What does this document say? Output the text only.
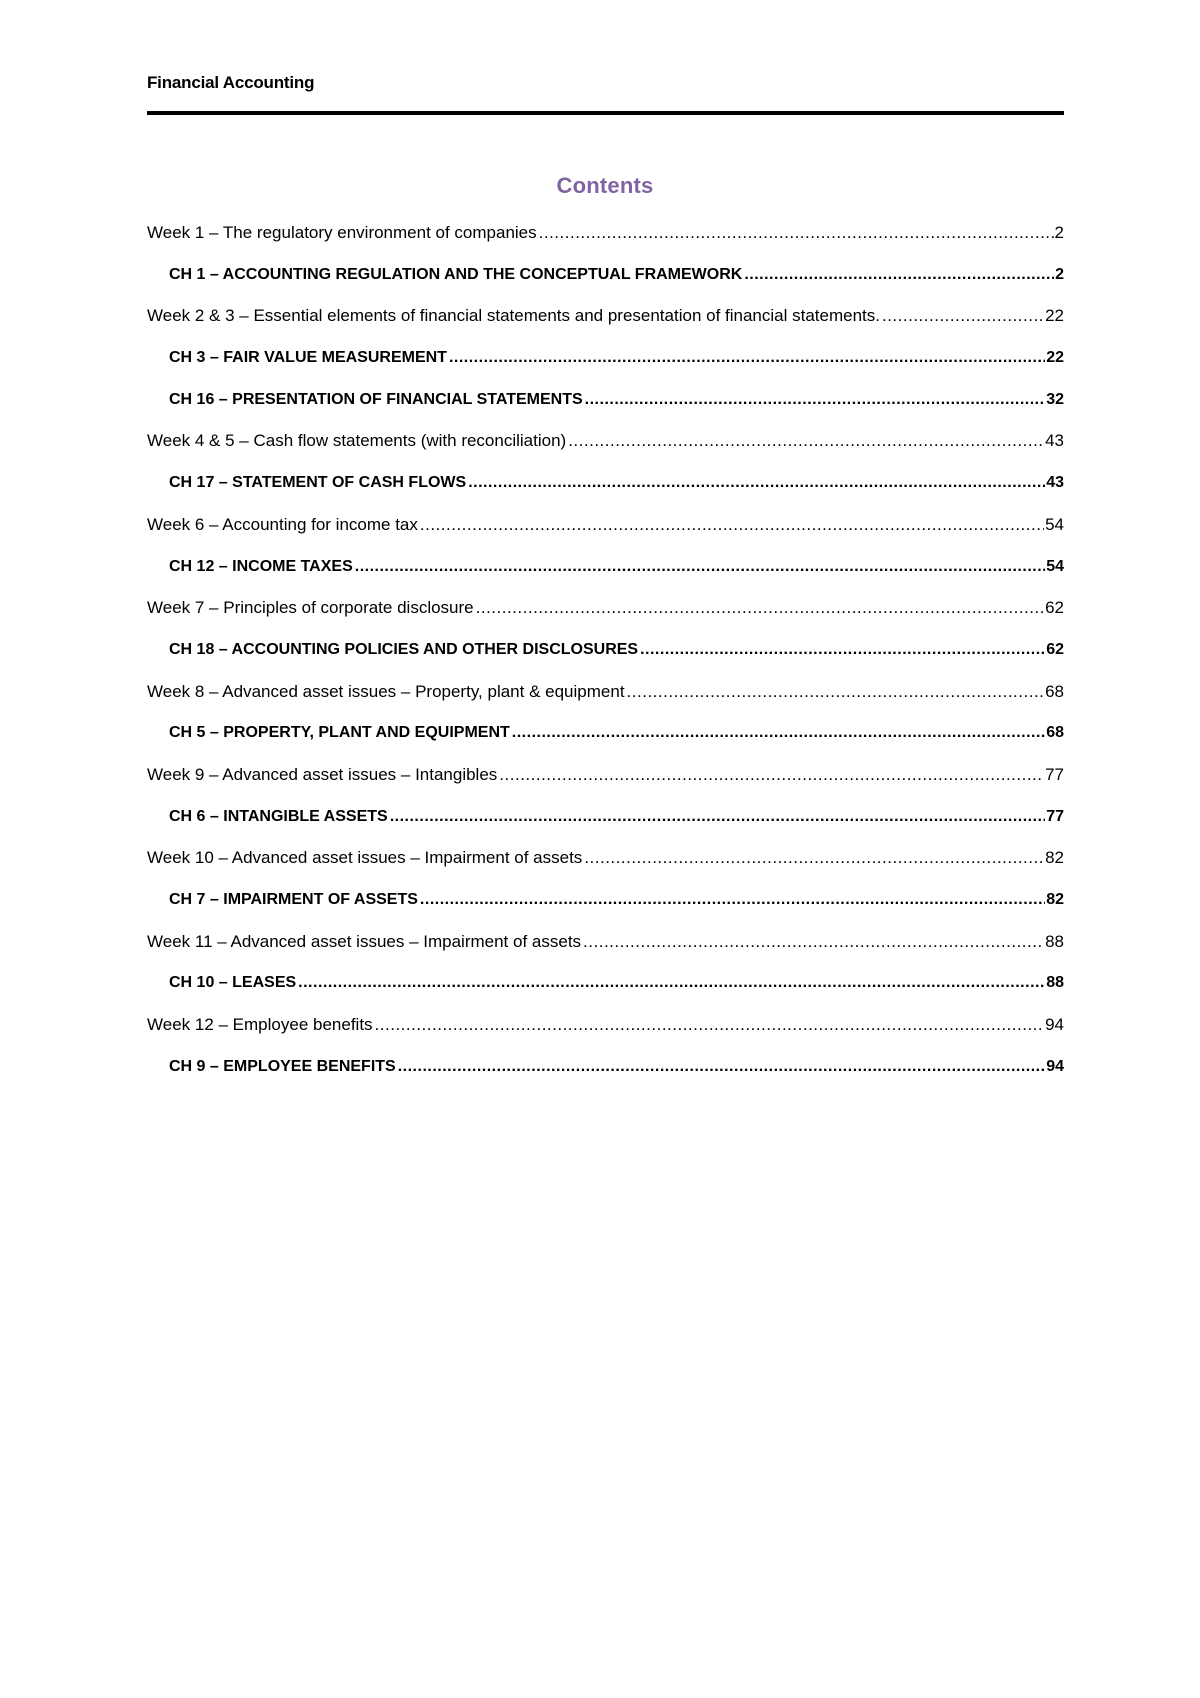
Financial Accounting
Contents
Week 1 – The regulatory environment of companies .....	2
CH 1 – ACCOUNTING REGULATION AND THE CONCEPTUAL FRAMEWORK .....	2
Week 2 & 3 – Essential elements of financial statements and presentation of financial statements. .....	22
CH 3 – FAIR VALUE MEASUREMENT .....	22
CH 16 – PRESENTATION OF FINANCIAL STATEMENTS .....	32
Week 4 & 5 – Cash flow statements (with reconciliation) .....	43
CH 17 – STATEMENT OF CASH FLOWS .....	43
Week 6 – Accounting for income tax .....	54
CH 12 – INCOME TAXES .....	54
Week 7 – Principles of corporate disclosure .....	62
CH 18 – ACCOUNTING POLICIES AND OTHER DISCLOSURES .....	62
Week 8 – Advanced asset issues – Property, plant & equipment .....	68
CH 5 – PROPERTY, PLANT AND EQUIPMENT .....	68
Week 9 – Advanced asset issues – Intangibles .....	77
CH 6 – INTANGIBLE ASSETS .....	77
Week 10 – Advanced asset issues – Impairment of assets .....	82
CH 7 – IMPAIRMENT OF ASSETS .....	82
Week 11 – Advanced asset issues – Impairment of assets .....	88
CH 10 – LEASES .....	88
Week 12 – Employee benefits .....	94
CH 9 – EMPLOYEE BENEFITS .....	94
